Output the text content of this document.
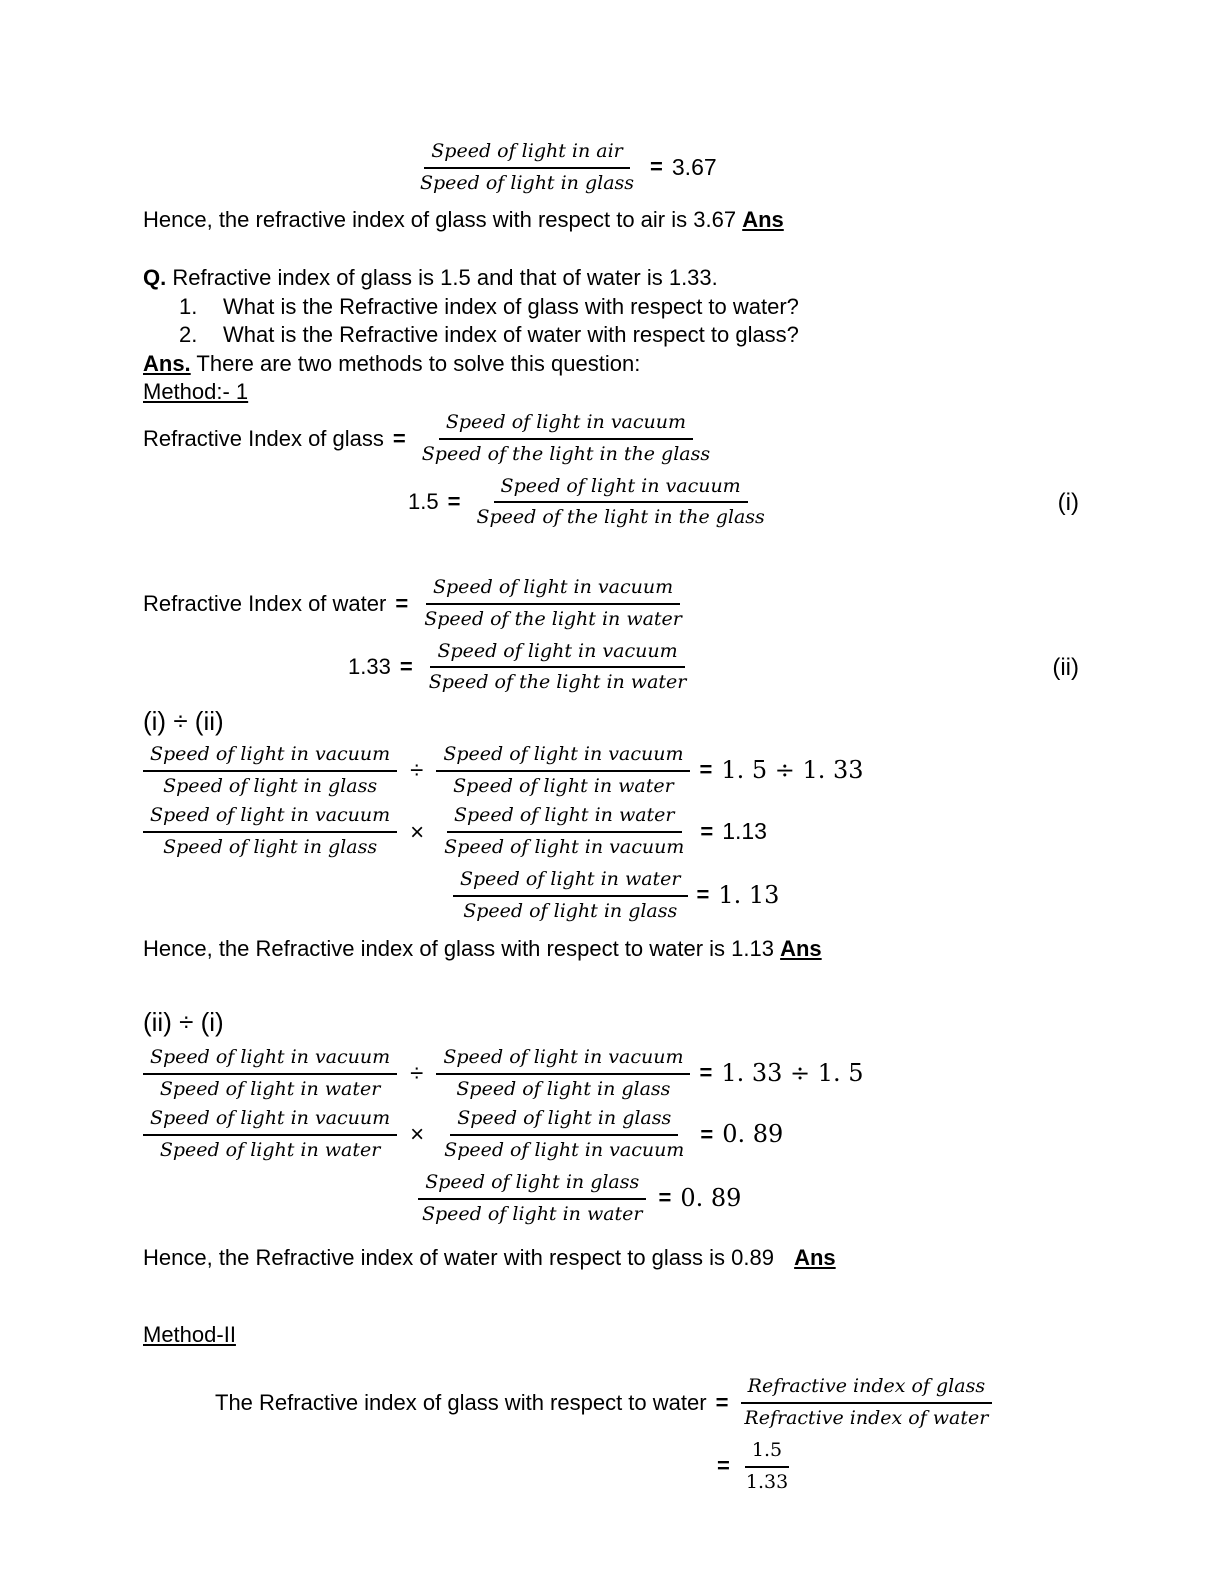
$\frac{\text{Speed of light in air}}{\text{Speed of light in glass}} = 3.67$

Hence, the refractive index of glass with respect to air is 3.67 Ans

Q. Refractive index of glass is 1.5 and that of water is 1.33.

1.	What is the Refractive index of glass with respect to water?
2.	What is the Refractive index of water with respect to glass?

Ans. There are two methods to solve this question:

Method:- 1

Refractive Index of glass = $\frac{\text{Speed of light in vacuum}}{\text{Speed of the light in the glass}}$
$1.5 = \frac{\text{Speed of light in vacuum}}{\text{Speed of the light in the glass}}$	(i)
Refractive Index of water = $\frac{\text{Speed of light in vacuum}}{\text{Speed of the light in water}}$
$1.33 = \frac{\text{Speed of light in vacuum}}{\text{Speed of the light in water}}$	(ii)

(i) ÷ (ii)

$\frac{\text{Speed of light in vacuum}}{\text{Speed of light in glass}} \div \frac{\text{Speed of light in vacuum}}{\text{Speed of light in water}} = 1$. 5 ÷ 1. 33
$\frac{\text{Speed of light in vacuum}}{\text{Speed of light in glass}} \times \frac{\text{Speed of light in water}}{\text{Speed of light in vacuum}} = 1.13$
$\frac{\text{Speed of light in water}}{\text{Speed of light in glass}} = 1$. 13

Hence, the Refractive index of glass with respect to water is 1.13 Ans

(ii) ÷ (i)

$\frac{\text{Speed of light in vacuum}}{\text{Speed of light in water}} \div \frac{\text{Speed of light in vacuum}}{\text{Speed of light in glass}} = 1$. 33 ÷ 1. 5
$\frac{\text{Speed of light in vacuum}}{\text{Speed of light in water}} \times \frac{\text{Speed of light in glass}}{\text{Speed of light in vacuum}} = 0$. 89
$\frac{\text{Speed of light in glass}}{\text{Speed of light in water}} = 0$. 89

Hence, the Refractive index of water with respect to glass is 0.89 Ans

Method-II

The Refractive index of glass with respect to water = $\frac{\text{Refractive index of glass}}{\text{Refractive index of water}}$
= $\frac{1.5}{1.33}$
